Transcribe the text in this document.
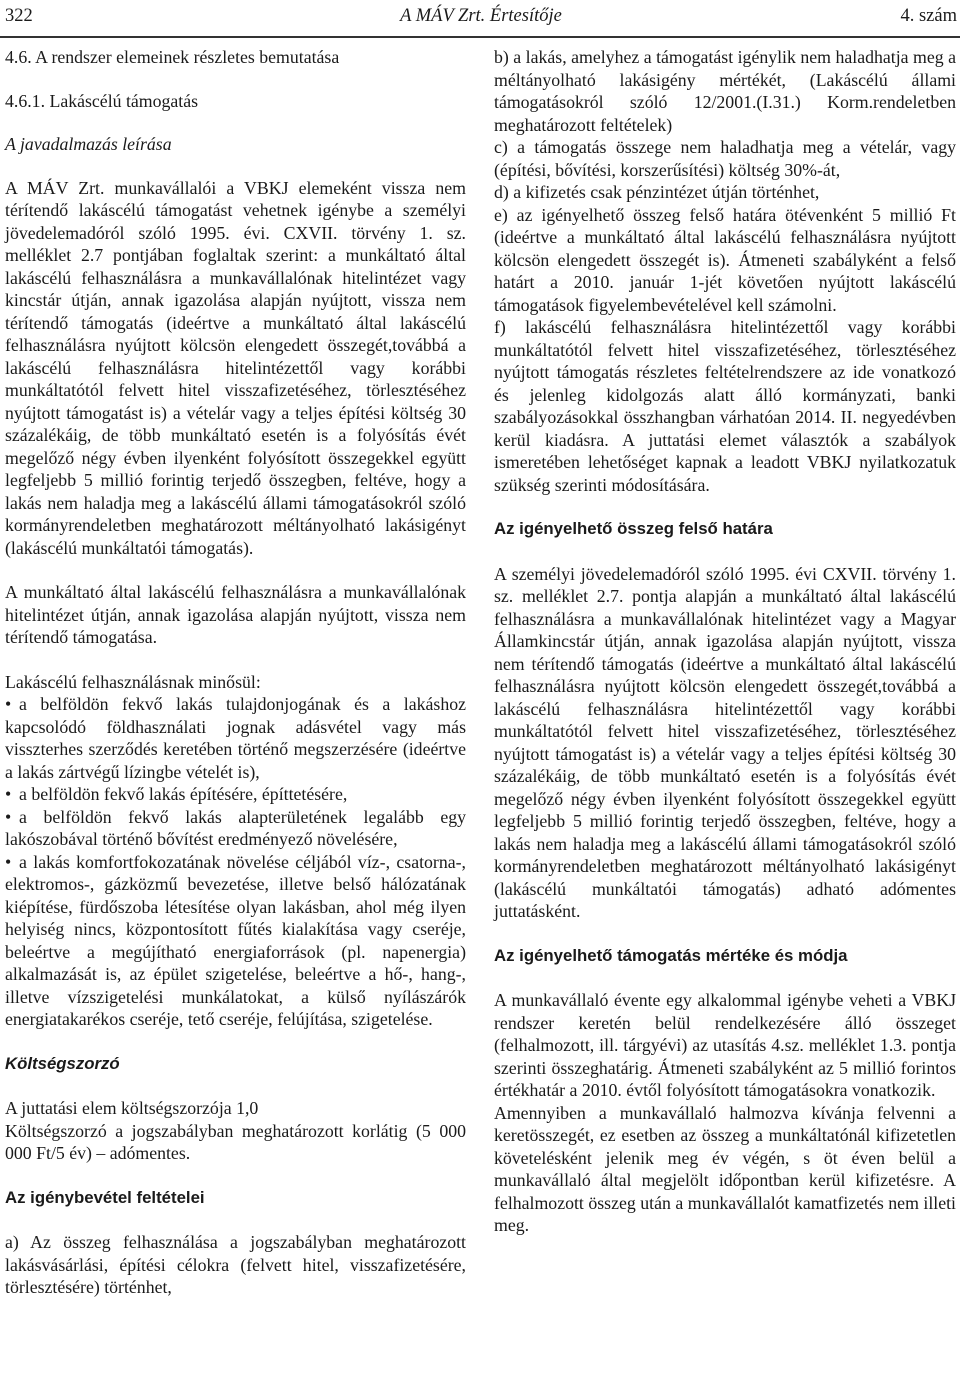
322	A MÁV Zrt. Értesítője	4. szám

4.6. A rendszer elemeinek részletes bemutatása

4.6.1. Lakáscélú támogatás

A javadalmazás leírása

A MÁV Zrt. munkavállalói a VBKJ elemeként vissza nem térítendő lakáscélú támogatást vehetnek igénybe a személyi jövedelemadóról szóló 1995. évi. CXVII. törvény 1. sz. melléklet 2.7 pontjában foglaltak szerint: a munkáltató által lakáscélú felhasználásra a munkavállalónak hitelintézet vagy kincstár útján, annak igazolása alapján nyújtott, vissza nem térítendő támogatás (ideértve a munkáltató által lakáscélú felhasználásra nyújtott kölcsön elengedett összegét,továbbá a lakáscélú felhasználásra hitelintézettől vagy korábbi munkáltatótól felvett hitel visszafizetéséhez, törlesztéséhez nyújtott támogatást is) a vételár vagy a teljes építési költség 30 százalékáig, de több munkáltató esetén is a folyósítás évét megelőző négy évben ilyenként folyósított összegekkel együtt legfeljebb 5 millió forintig terjedő összegben, feltéve, hogy a lakás nem haladja meg a lakáscélú állami támogatásokról szóló kormányrendeletben meghatározott méltányolható lakásigényt (lakáscélú munkáltatói támogatás).

A munkáltató által lakáscélú felhasználásra a munkavállalónak hitelintézet útján, annak igazolása alapján nyújtott, vissza nem térítendő támogatása.

Lakáscélú felhasználásnak minősül:

• a belföldön fekvő lakás tulajdonjogának és a lakáshoz kapcsolódó földhasználati jognak adásvétel vagy más visszterhes szerződés keretében történő megszerzésére (ideértve a lakás zártvégű lízingbe vételét is),

• a belföldön fekvő lakás építésére, építtetésére,

• a belföldön fekvő lakás alapterületének legalább egy lakószobával történő bővítést eredményező növelésére,

• a lakás komfortfokozatának növelése céljából víz-, csatorna-, elektromos-, gázközmű bevezetése, illetve belső hálózatának kiépítése, fürdőszoba létesítése olyan lakásban, ahol még ilyen helyiség nincs, központosított fűtés kialakítása vagy cseréje, beleértve a megújítható energiaforrások (pl. napenergia) alkalmazását is, az épület szigetelése, beleértve a hő-, hang-, illetve vízszigetelési munkálatokat, a külső nyílászárók energiatakarékos cseréje, tető cseréje, felújítása, szigetelése.

Költségszorzó

A juttatási elem költségszorzója 1,0

Költségszorzó a jogszabályban meghatározott korlátig (5 000 000 Ft/5 év) – adómentes.

Az igénybevétel feltételei

a) Az összeg felhasználása a jogszabályban meghatározott lakásvásárlási, építési célokra (felvett hitel, visszafizetésére, törlesztésére) történhet,

b) a lakás, amelyhez a támogatást igénylik nem haladhatja meg a méltányolható lakásigény mértékét, (Lakáscélú állami támogatásokról szóló 12/2001.(I.31.) Korm.rendeletben meghatározott feltételek)

c) a támogatás összege nem haladhatja meg a vételár, vagy (építési, bővítési, korszerűsítési) költség 30%-át,

d) a kifizetés csak pénzintézet útján történhet,

e) az igényelhető összeg felső határa ötévenként 5 millió Ft (ideértve a munkáltató által lakáscélú felhasználásra nyújtott kölcsön elengedett összegét is). Átmeneti szabályként a felső határt a 2010. január 1-jét követően nyújtott lakáscélú támogatások figyelembevételével kell számolni.

f) lakáscélú felhasználásra hitelintézettől vagy korábbi munkáltatótól felvett hitel visszafizetéséhez, törlesztéséhez nyújtott támogatás részletes feltételrendszere az ide vonatkozó és jelenleg kidolgozás alatt álló kormányzati, banki szabályozásokkal összhangban várhatóan 2014. II. negyedévben kerül kiadásra. A juttatási elemet választók a szabályok ismeretében lehetőséget kapnak a leadott VBKJ nyilatkozatuk szükség szerinti módosítására.

Az igényelhető összeg felső határa

A személyi jövedelemadóról szóló 1995. évi CXVII. törvény 1. sz. melléklet 2.7. pontja alapján a munkáltató által lakáscélú felhasználásra a munkavállalónak hitelintézet vagy a Magyar Államkincstár útján, annak igazolása alapján nyújtott, vissza nem térítendő támogatás (ideértve a munkáltató által lakáscélú felhasználásra nyújtott kölcsön elengedett összegét,továbbá a lakáscélú felhasználásra hitelintézettől vagy korábbi munkáltatótól felvett hitel visszafizetéséhez, törlesztéséhez nyújtott támogatást is) a vételár vagy a teljes építési költség 30 százalékáig, de több munkáltató esetén is a folyósítás évét megelőző négy évben ilyenként folyósított összegekkel együtt legfeljebb 5 millió forintig terjedő összegben, feltéve, hogy a lakás nem haladja meg a lakáscélú állami támogatásokról szóló kormányrendeletben meghatározott méltányolható lakásigényt (lakáscélú munkáltatói támogatás) adható adómentes juttatásként.

Az igényelhető támogatás mértéke és módja

A munkavállaló évente egy alkalommal igénybe veheti a VBKJ rendszer keretén belül rendelkezésére álló összeget (felhalmozott, ill. tárgyévi) az utasítás 4.sz. melléklet 1.3. pontja szerinti összeghatárig. Átmeneti szabályként az 5 millió forintos értékhatár a 2010. évtől folyósított támogatásokra vonatkozik.

Amennyiben a munkavállaló halmozva kívánja felvenni a keretösszegét, ez esetben az összeg a munkáltatónál kifizetetlen követelésként jelenik meg év végén, s öt éven belül a munkavállaló által megjelölt időpontban kerül kifizetésre. A felhalmozott összeg után a munkavállalót kamatfizetés nem illeti meg.
